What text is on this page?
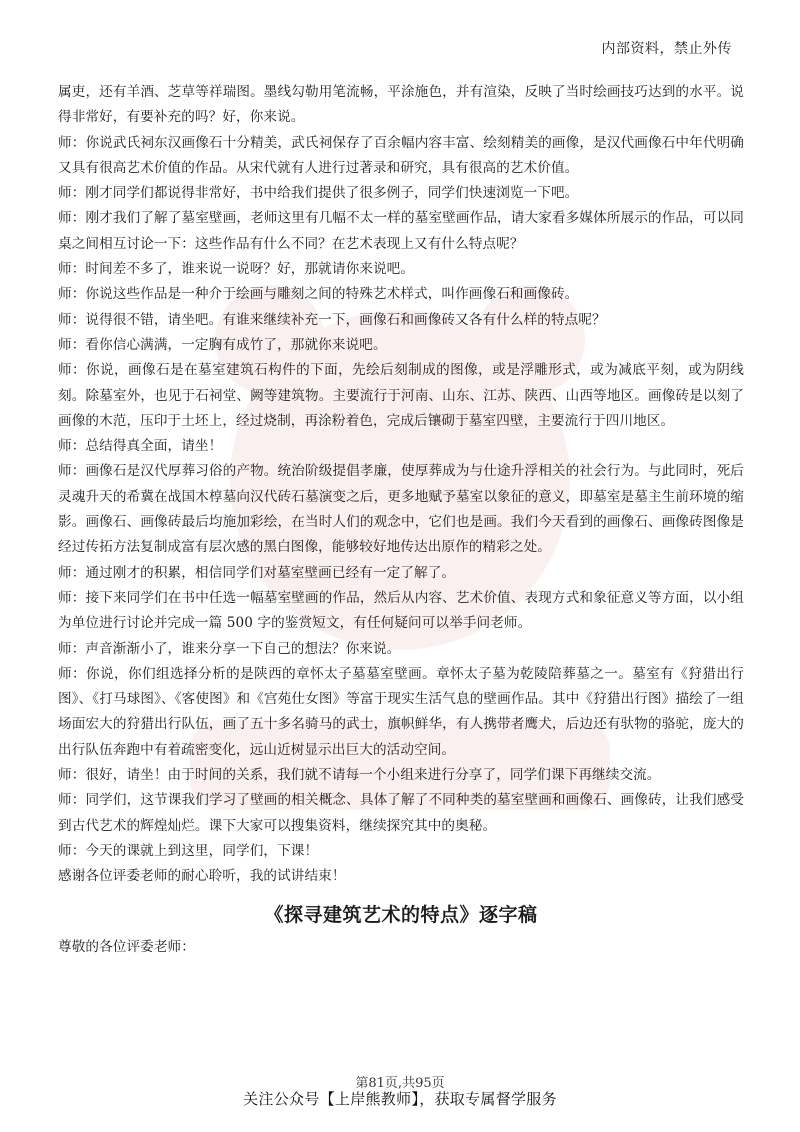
内部资料，禁止外传

属吏，还有羊酒、芝草等祥瑞图。墨线勾勒用笔流畅，平涂施色，并有渲染，反映了当时绘画技巧达到的水平。说得非常好，有要补充的吗？好，你来说。

师：你说武氏祠东汉画像石十分精美，武氏祠保存了百余幅内容丰富、绘刻精美的画像，是汉代画像石中年代明确又具有很高艺术价值的作品。从宋代就有人进行过著录和研究，具有很高的艺术价值。

师：刚才同学们都说得非常好，书中给我们提供了很多例子，同学们快速浏览一下吧。

师：刚才我们了解了墓室壁画，老师这里有几幅不太一样的墓室壁画作品，请大家看多媒体所展示的作品，可以同桌之间相互讨论一下：这些作品有什么不同？在艺术表现上又有什么特点呢？

师：时间差不多了，谁来说一说呀？好，那就请你来说吧。

师：你说这些作品是一种介于绘画与雕刻之间的特殊艺术样式，叫作画像石和画像砖。

师：说得很不错，请坐吧。有谁来继续补充一下，画像石和画像砖又各有什么样的特点呢？

师：看你信心满满，一定胸有成竹了，那就你来说吧。

师：你说，画像石是在墓室建筑石构件的下面，先绘后刻制成的图像，或是浮雕形式，或为减底平刻，或为阴线刻。除墓室外，也见于石祠堂、阙等建筑物。主要流行于河南、山东、江苏、陕西、山西等地区。画像砖是以刻了画像的木范，压印于土坯上，经过烧制，再涂粉着色，完成后镶砌于墓室四壁，主要流行于四川地区。

师：总结得真全面，请坐！

师：画像石是汉代厚葬习俗的产物。统治阶级提倡孝廉，使厚葬成为与仕途升浮相关的社会行为。与此同时，死后灵魂升天的希冀在战国木椁墓向汉代砖石墓演变之后，更多地赋予墓室以象征的意义，即墓室是墓主生前环境的缩影。画像石、画像砖最后均施加彩绘，在当时人们的观念中，它们也是画。我们今天看到的画像石、画像砖图像是经过传拓方法复制成富有层次感的黑白图像，能够较好地传达出原作的精彩之处。

师：通过刚才的积累，相信同学们对墓室壁画已经有一定了解了。

师：接下来同学们在书中任选一幅墓室壁画的作品，然后从内容、艺术价值、表现方式和象征意义等方面，以小组为单位进行讨论并完成一篇 500 字的鉴赏短文，有任何疑问可以举手问老师。

师：声音渐渐小了，谁来分享一下自己的想法？你来说。

师：你说，你们组选择分析的是陕西的章怀太子墓墓室壁画。章怀太子墓为乾陵陪葬墓之一。墓室有《狩猎出行图》、《打马球图》、《客使图》和《宫苑仕女图》等富于现实生活气息的壁画作品。其中《狩猎出行图》描绘了一组场面宏大的狩猎出行队伍，画了五十多名骑马的武士，旗帜鲜华，有人携带者鹰犬，后边还有驮物的骆驼，庞大的出行队伍奔跑中有着疏密变化，远山近树显示出巨大的活动空间。

师：很好，请坐！由于时间的关系，我们就不请每一个小组来进行分享了，同学们课下再继续交流。

师：同学们，这节课我们学习了壁画的相关概念、具体了解了不同种类的墓室壁画和画像石、画像砖，让我们感受到古代艺术的辉煌灿烂。课下大家可以搜集资料，继续探究其中的奥秘。

师：今天的课就上到这里，同学们，下课！

感谢各位评委老师的耐心聆听，我的试讲结束！

《探寻建筑艺术的特点》逐字稿

尊敬的各位评委老师：

第81页,共95页
关注公众号【上岸熊教师】，获取专属督学服务
